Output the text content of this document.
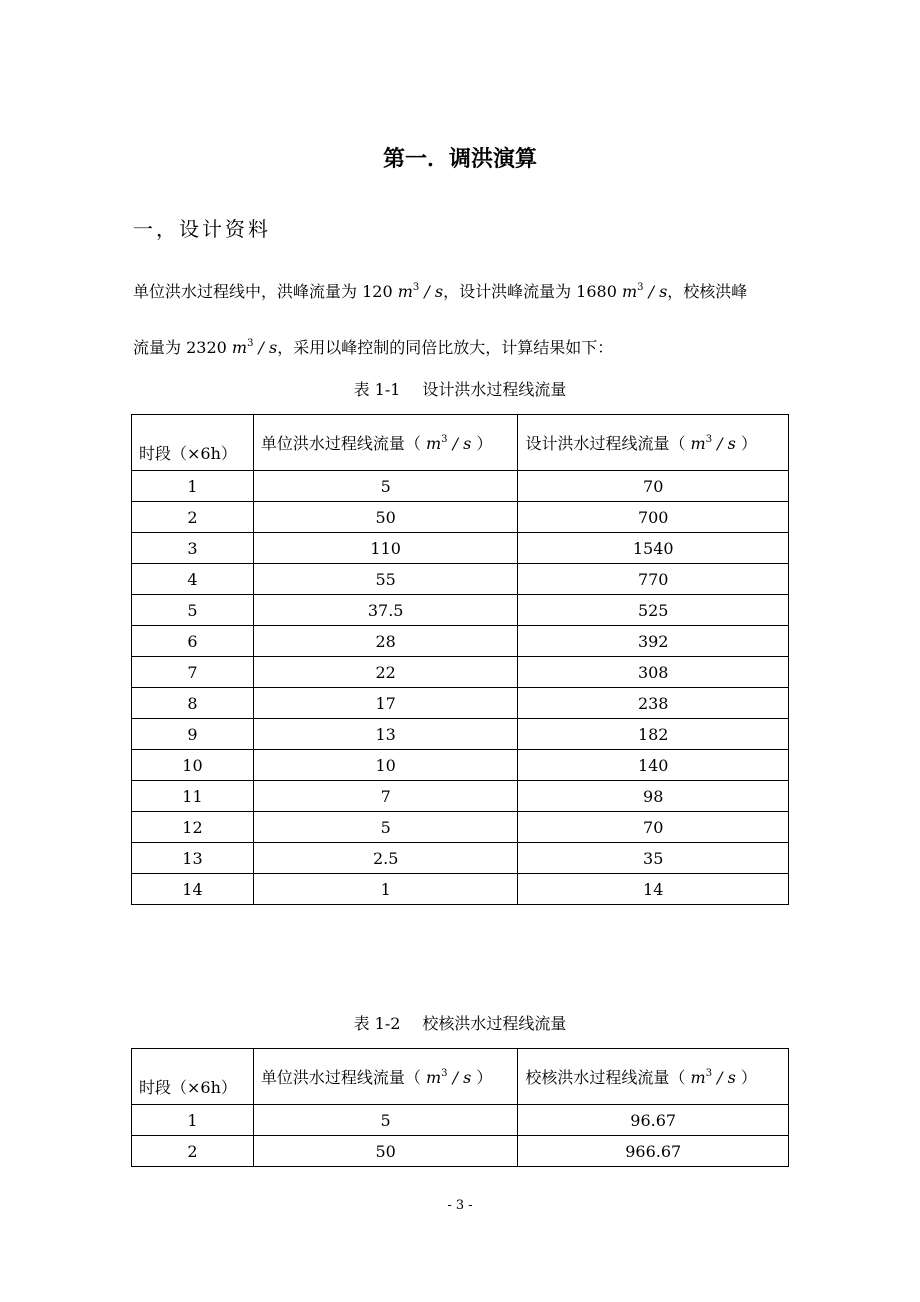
第一．调洪演算
一，设计资料
单位洪水过程线中，洪峰流量为 120 $m^3$ / s，设计洪峰流量为 1680 $m^3$ / s，校核洪峰
流量为 2320 $m^3$ / s，采用以峰控制的同倍比放大，计算结果如下：
表 1-1 设计洪水过程线流量
时段（×6h）	单位洪水过程线流量（ $m^3$ / s ）	设计洪水过程线流量（ $m^3$ / s ）
1	5	70
2	50	700
3	110	1540
4	55	770
5	37.5	525
6	28	392
7	22	308
8	17	238
9	13	182
10	10	140
11	7	98
12	5	70
13	2.5	35
14	1	14
表 1-2 校核洪水过程线流量
时段（×6h）	单位洪水过程线流量（ $m^3$ / s ）	校核洪水过程线流量（ $m^3$ / s ）
1	5	96.67
2	50	966.67
- 3 -
